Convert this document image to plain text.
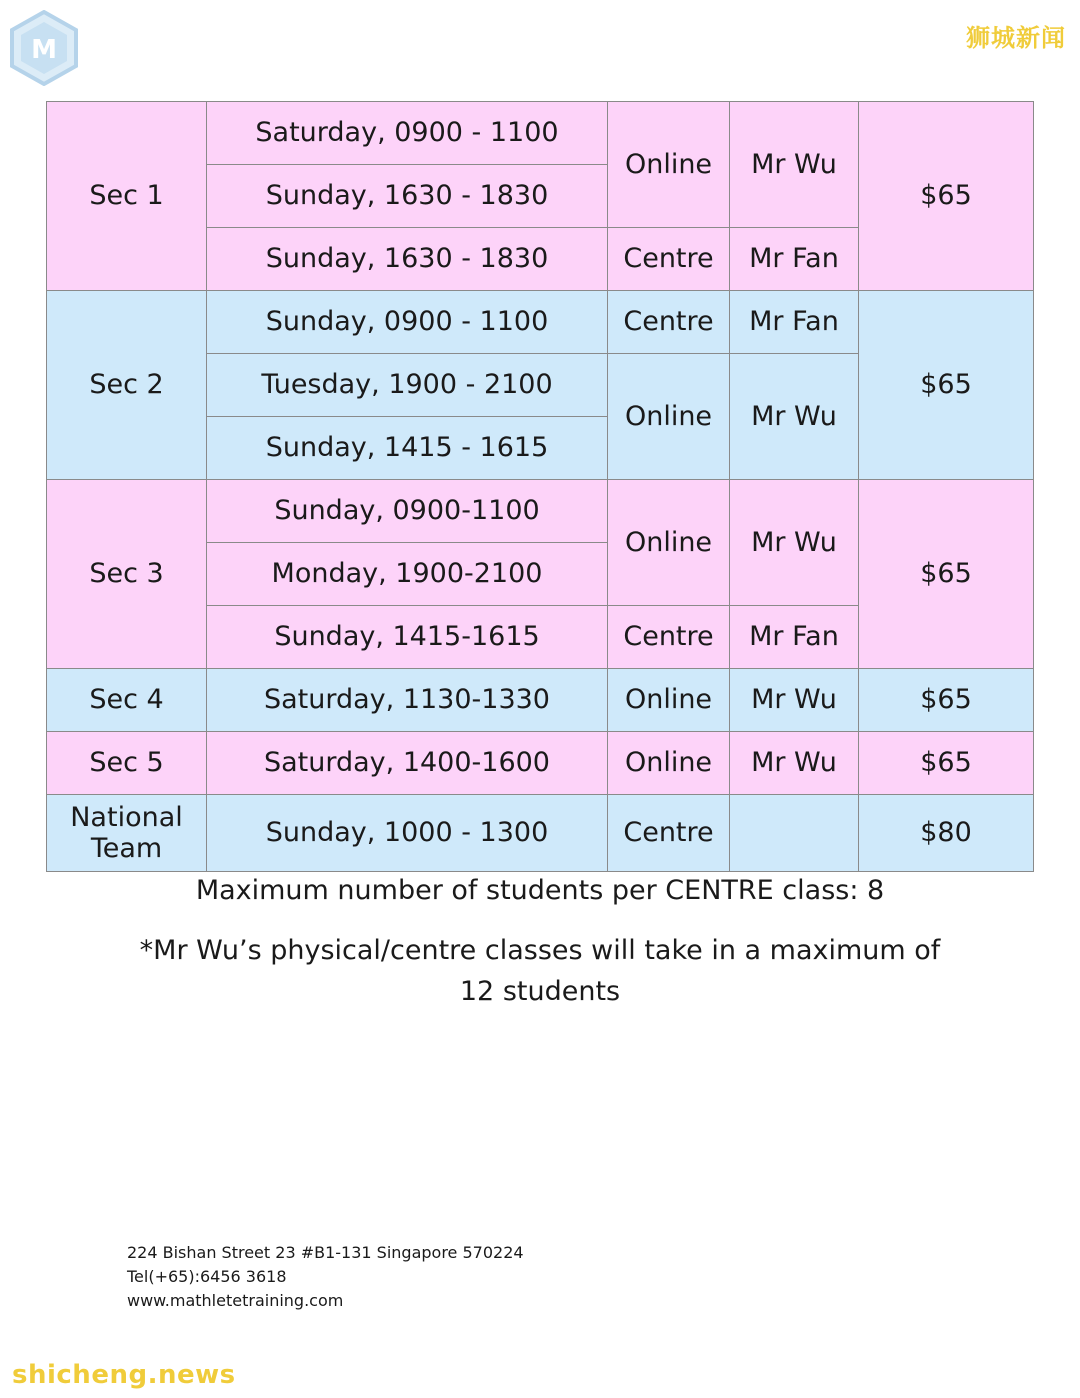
M	狮城新闻
Sec 1	Saturday, 0900 - 1100	Online	Mr Wu	$65
	Sunday, 1630 - 1830			
	Sunday, 1630 - 1830	Centre	Mr Fan	
Sec 2	Sunday, 0900 - 1100	Centre	Mr Fan	$65
	Tuesday, 1900 - 2100	Online	Mr Wu	
	Sunday, 1415 - 1615			
Sec 3	Sunday, 0900-1100	Online	Mr Wu	$65
	Monday, 1900-2100			
	Sunday, 1415-1615	Centre	Mr Fan	
Sec 4	Saturday, 1130-1330	Online	Mr Wu	$65
Sec 5	Saturday, 1400-1600	Online	Mr Wu	$65

National
Team	Sunday, 1000 - 1300	Centre		$80
Maximum number of students per CENTRE class: 8
*Mr Wu’s physical/centre classes will take in a maximum of 12 students
224 Bishan Street 23 #B1-131 Singapore 570224
Tel(+65):6456 3618
www.mathletetraining.com
shicheng.news
